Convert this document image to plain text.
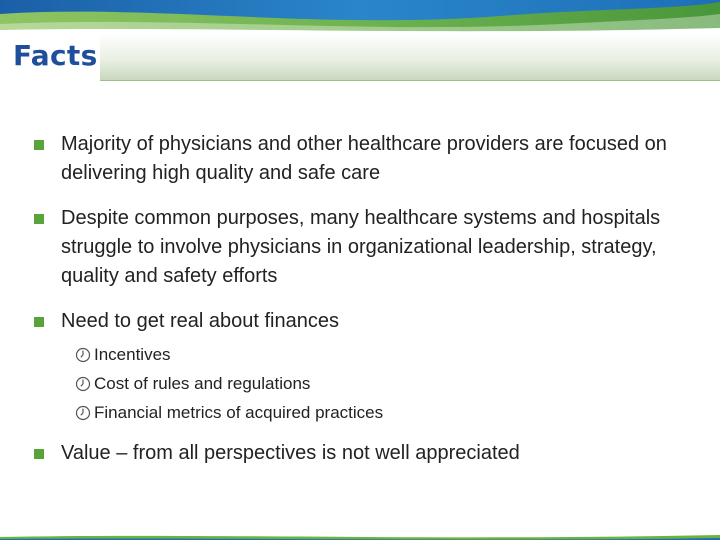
Facts
Majority of physicians and other healthcare providers are focused on delivering high quality and safe care
Despite common purposes, many healthcare systems and hospitals struggle to involve physicians in organizational leadership, strategy, quality and safety efforts
Need to get real about finances
Incentives
Cost of rules and regulations
Financial metrics of acquired practices
Value – from all perspectives is not well appreciated
